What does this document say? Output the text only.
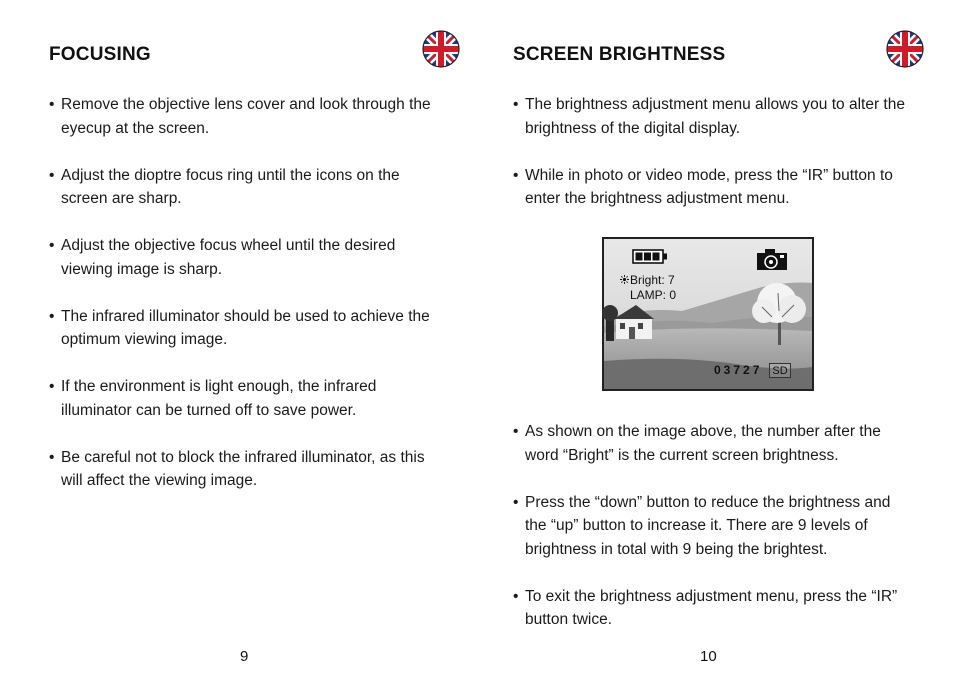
FOCUSING
• Remove the objective lens cover and look through the eyecup at the screen.
• Adjust the dioptre focus ring until the icons on the screen are sharp.
• Adjust the objective focus wheel until the desired viewing image is sharp.
• The infrared illuminator should be used to achieve the optimum viewing image.
• If the environment is light enough, the infrared illuminator can be turned off to save power.
• Be careful not to block the infrared illuminator, as this will affect the viewing image.
9
SCREEN BRIGHTNESS
• The brightness adjustment menu allows you to alter the brightness of the digital display.
• While in photo or video mode, press the “IR” button to enter the brightness adjustment menu.
• As shown on the image above, the number after the word “Bright” is the current screen brightness.
• Press the “down” button to reduce the brightness and the “up” button to increase it. There are 9 levels of brightness in total with 9 being the brightest.
• To exit the brightness adjustment menu, press the “IR” button twice.
10
Bright: 7
LAMP: 0
03727 SD
